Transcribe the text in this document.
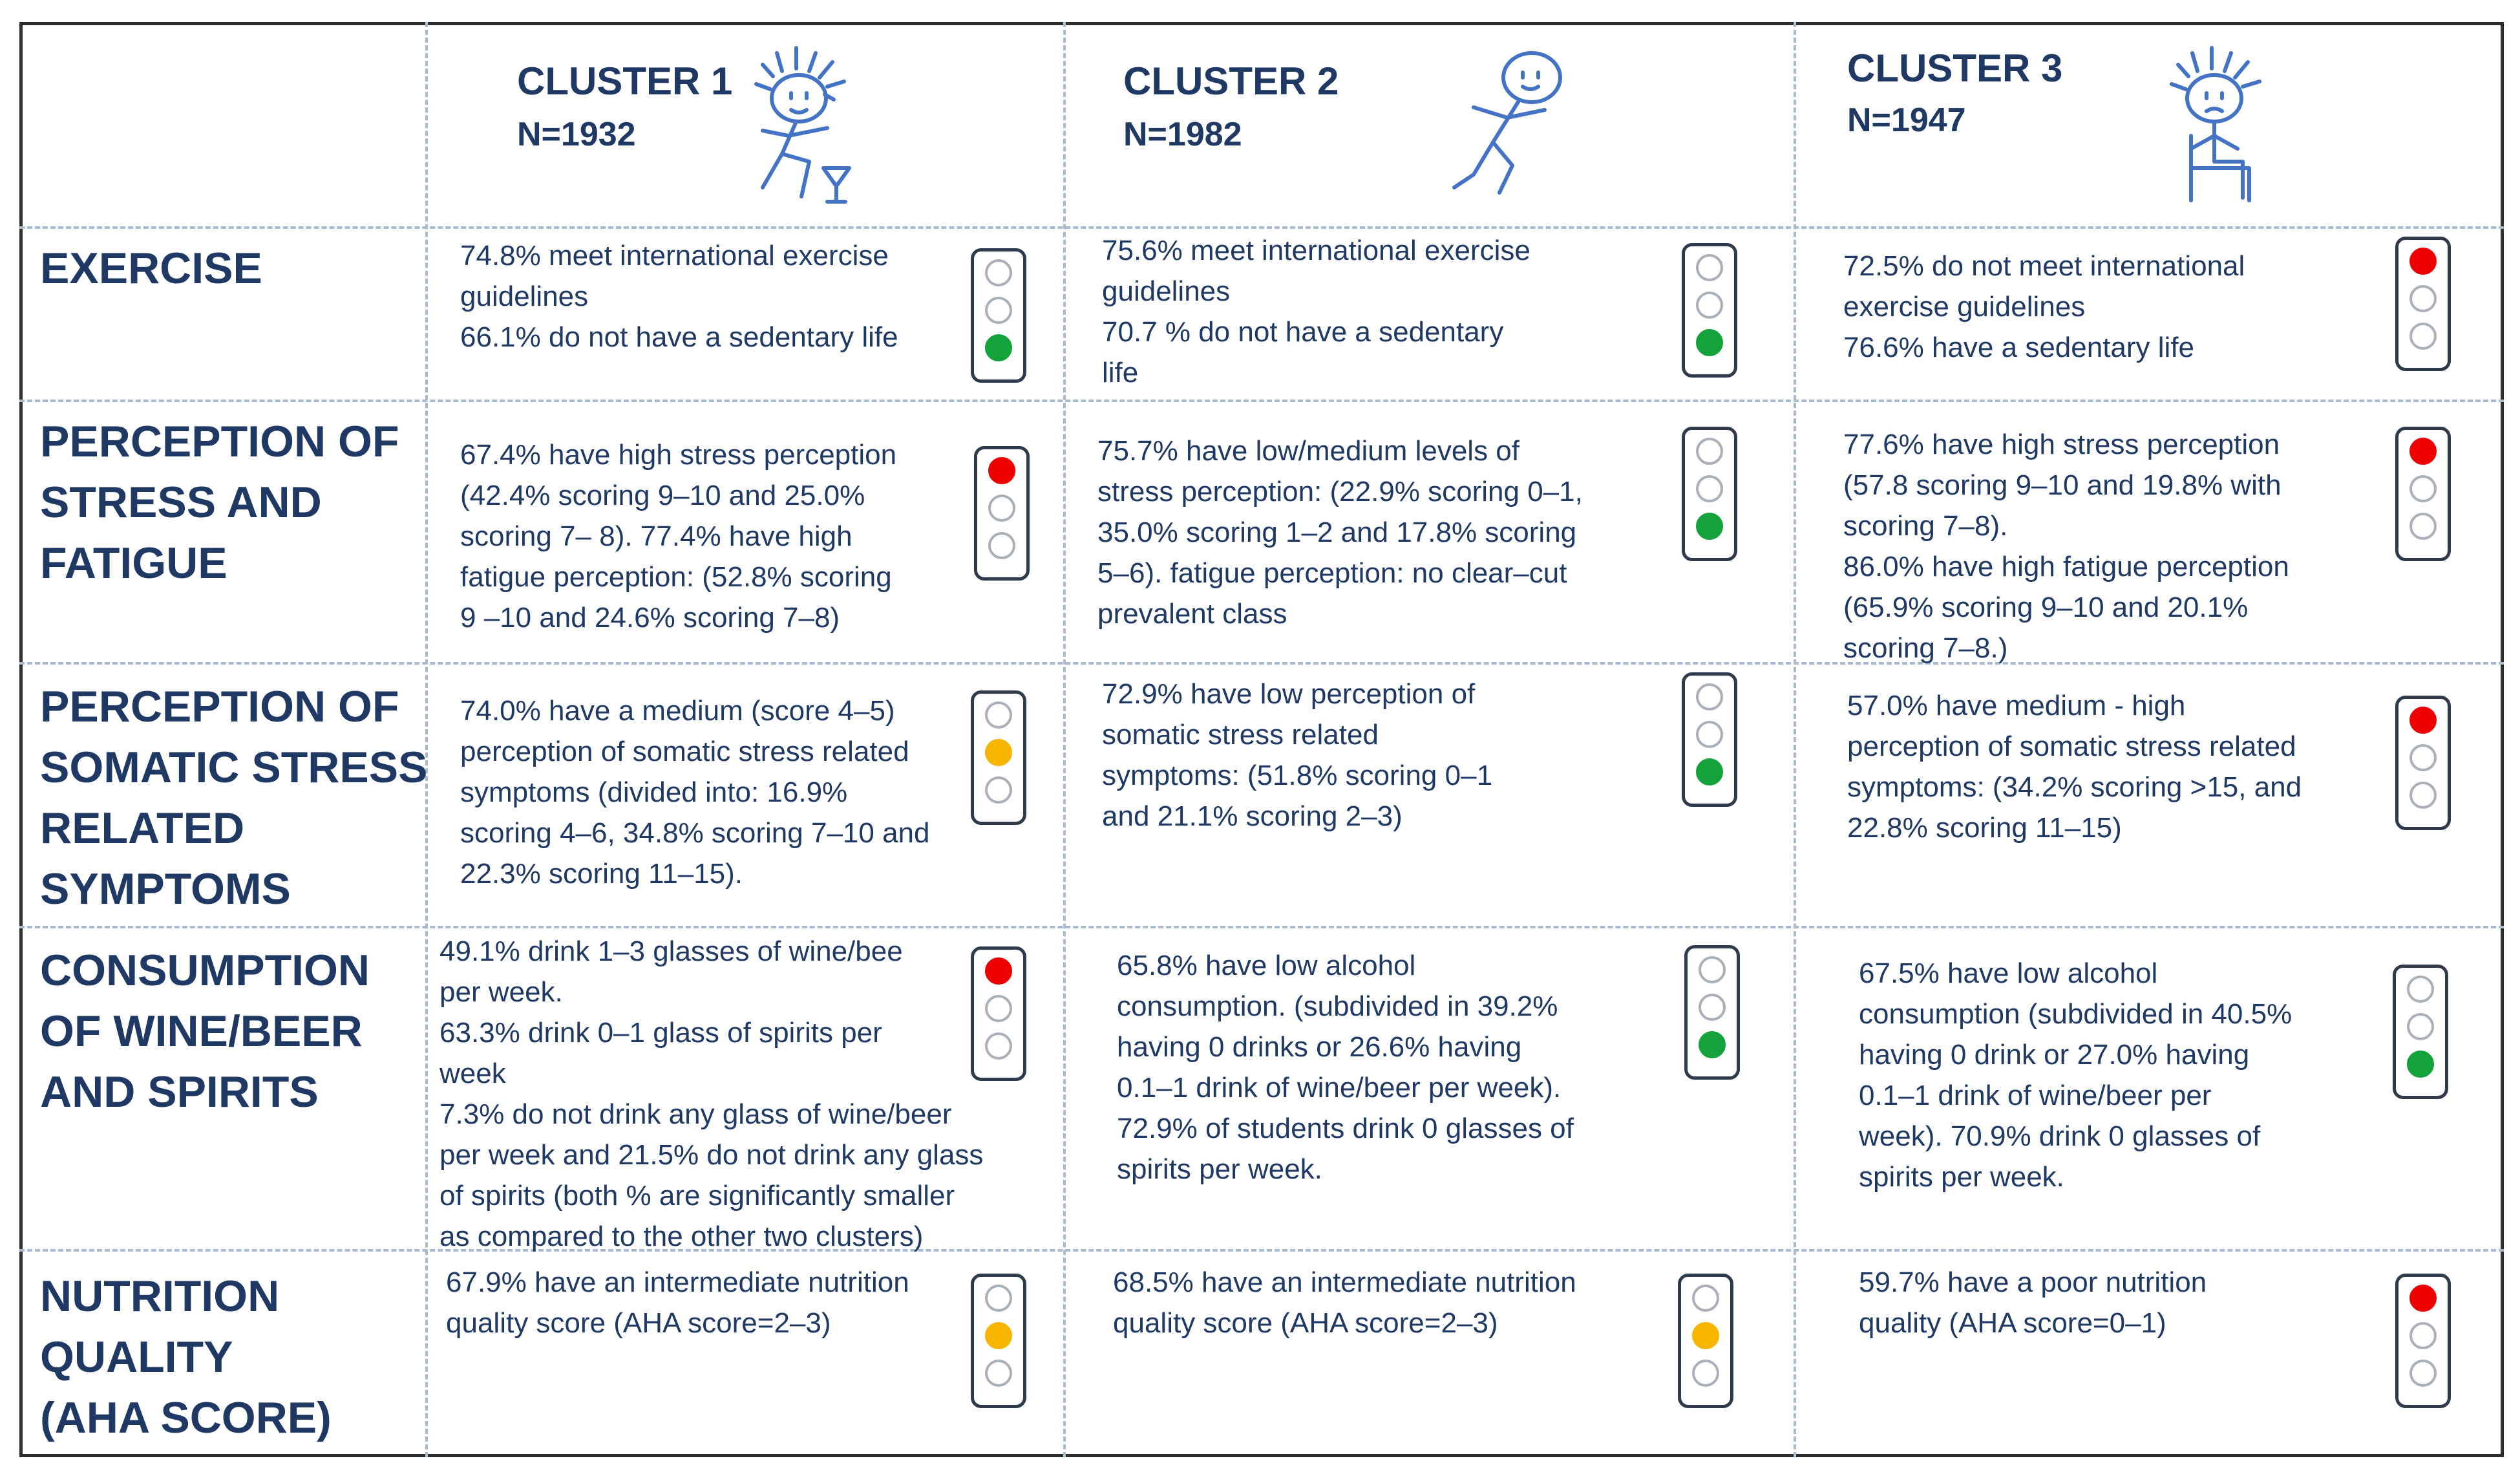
CLUSTER 1
N=1932
CLUSTER 2
N=1982
CLUSTER 3
N=1947
EXERCISE
PERCEPTION OF
STRESS AND
FATIGUE
PERCEPTION OF
SOMATIC STRESS
RELATED
SYMPTOMS
CONSUMPTION
OF WINE/BEER
AND SPIRITS
NUTRITION
QUALITY
(AHA SCORE)
74.8% meet international exercise
guidelines
66.1% do not have a sedentary life
75.6% meet international exercise
guidelines
70.7 % do not have a sedentary
life
72.5% do not meet international
exercise guidelines
76.6% have a sedentary life
67.4% have high stress perception
(42.4% scoring 9–10 and 25.0%
scoring 7– 8). 77.4% have high
fatigue perception: (52.8% scoring
9 –10 and 24.6% scoring 7–8)
75.7% have low/medium levels of
stress perception: (22.9% scoring 0–1,
35.0% scoring 1–2 and 17.8% scoring
5–6). fatigue perception: no clear–cut
prevalent class
77.6% have high stress perception
(57.8 scoring 9–10 and 19.8% with
scoring 7–8).
86.0% have high fatigue perception
(65.9% scoring 9–10 and 20.1%
scoring 7–8.)
74.0% have a medium (score 4–5)
perception of somatic stress related
symptoms (divided into: 16.9%
scoring 4–6, 34.8% scoring 7–10 and
22.3% scoring 11–15).
72.9% have low perception of
somatic stress related
symptoms: (51.8% scoring 0–1
and 21.1% scoring 2–3)
57.0% have medium - high
perception of somatic stress related
symptoms: (34.2% scoring >15, and
22.8% scoring 11–15)
49.1% drink 1–3 glasses of wine/bee
per week.
63.3% drink 0–1 glass of spirits per
week
7.3% do not drink any glass of wine/beer
per week and 21.5% do not drink any glass
of spirits (both % are significantly smaller
as compared to the other two clusters)
65.8% have low alcohol
consumption. (subdivided in 39.2%
having 0 drinks or 26.6% having
0.1–1 drink of wine/beer per week).
72.9% of students drink 0 glasses of
spirits per week.
67.5% have low alcohol
consumption (subdivided in 40.5%
having 0 drink or 27.0% having
0.1–1 drink of wine/beer per
week). 70.9% drink 0 glasses of
spirits per week.
67.9% have an intermediate nutrition
quality score (AHA score=2–3)
68.5% have an intermediate nutrition
quality score (AHA score=2–3)
59.7% have a poor nutrition
quality (AHA score=0–1)
